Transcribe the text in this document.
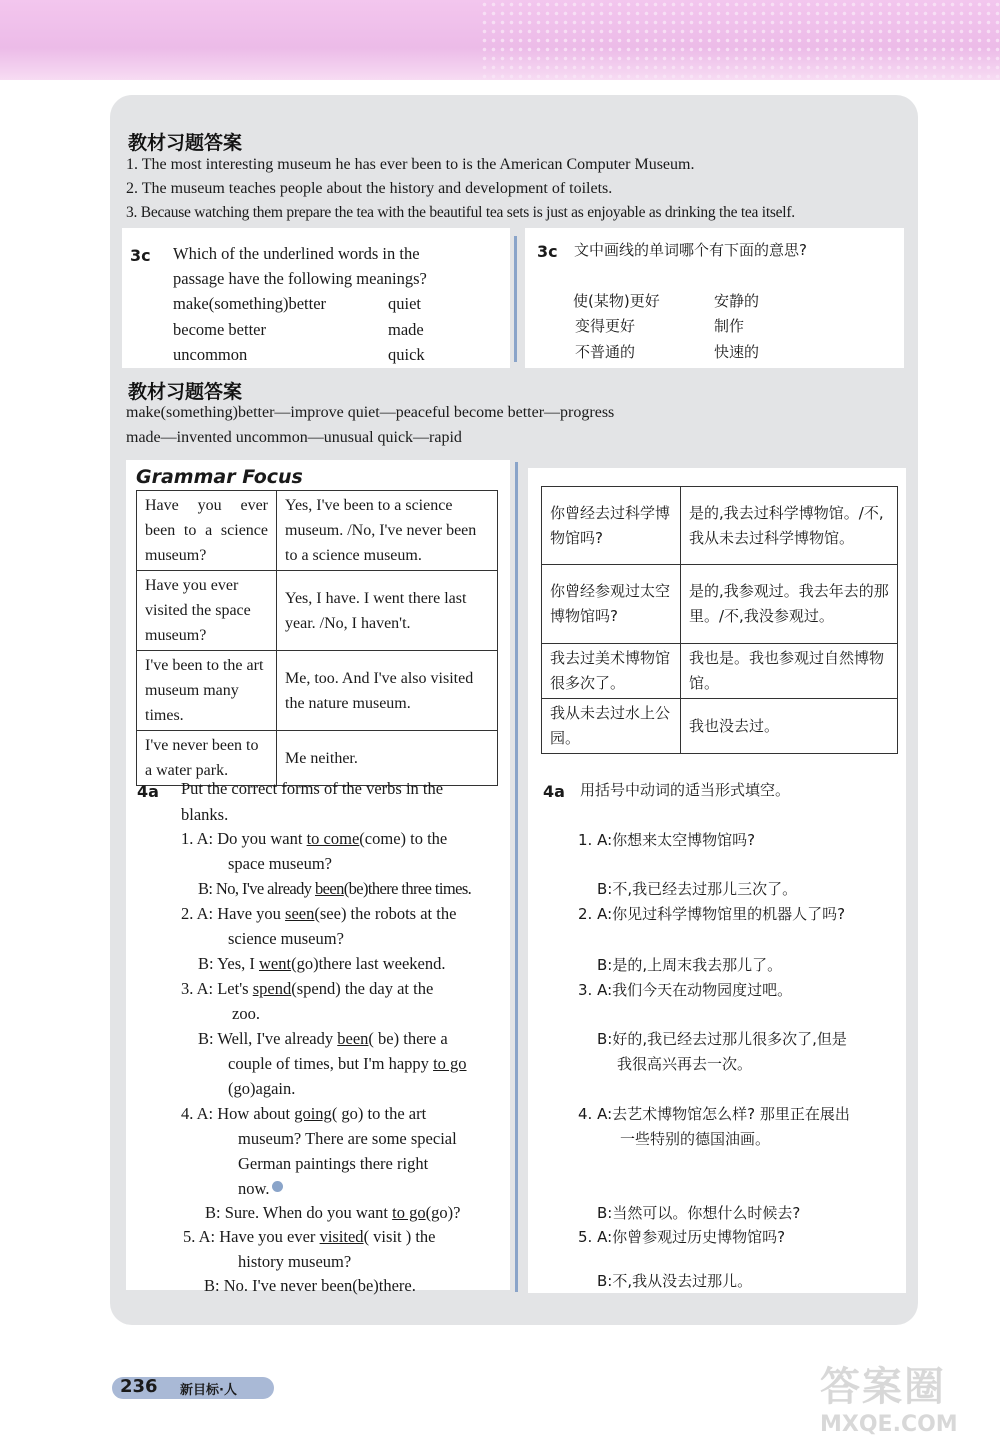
教材习题答案
1. The most interesting museum he has ever been to is the American Computer Museum.
2. The museum teaches people about the history and development of toilets.
3. Because watching them prepare the tea with the beautiful tea sets is just as enjoyable as drinking the tea itself.
3c Which of the underlined words in the
passage have the following meanings?
make(something)better	quiet
become better	made
uncommon	quick
3c 文中画线的单词哪个有下面的意思?
使(某物)更好	安静的
变得更好	制作
不普通的	快速的
教材习题答案
make(something)better—improve quiet—peaceful become better—progress
made—invented uncommon—unusual quick—rapid
Grammar Focus
Have you ever been to a science museum?	Yes, I've been to a science museum. /No, I've never been to a science museum.
Have you ever visited the space museum?	Yes, I have. I went there last year. /No, I haven't.
I've been to the art museum many times.	Me, too. And I've also visited the nature museum.
I've never been to a water park.	Me neither.
你曾经去过科学博物馆吗?	是的,我去过科学博物馆。/不,我从未去过科学博物馆。
你曾经参观过太空博物馆吗?	是的,我参观过。我去年去的那里。/不,我没参观过。
我去过美术博物馆很多次了。	我也是。我也参观过自然博物馆。
我从未去过水上公园。	我也没去过。
4a Put the correct forms of the verbs in the
blanks.
1. A: Do you want to come(come) to the
space museum?
B: No, I've already been(be)there three times.
2. A: Have you seen(see) the robots at the
science museum?
B: Yes, I went(go)there last weekend.
3. A: Let's spend(spend) the day at the
zoo.
B: Well, I've already been( be) there a
couple of times, but I'm happy to go
(go)again.
4. A: How about going( go) to the art
museum? There are some special
German paintings there right
now.
B: Sure. When do you want to go(go)?
5. A: Have you ever visited( visit ) the
history museum?
B: No. I've never been(be)there.
4a 用括号中动词的适当形式填空。
1. A:你想来太空博物馆吗?
B:不,我已经去过那儿三次了。
2. A:你见过科学博物馆里的机器人了吗?
B:是的,上周末我去那儿了。
3. A:我们今天在动物园度过吧。
B:好的,我已经去过那儿很多次了,但是
我很高兴再去一次。
4. A:去艺术博物馆怎么样? 那里正在展出
一些特别的德国油画。
B:当然可以。你想什么时候去?
5. A:你曾参观过历史博物馆吗?
B:不,我从没去过那儿。
236 新目标·人	答案圈
MXQE.COM
